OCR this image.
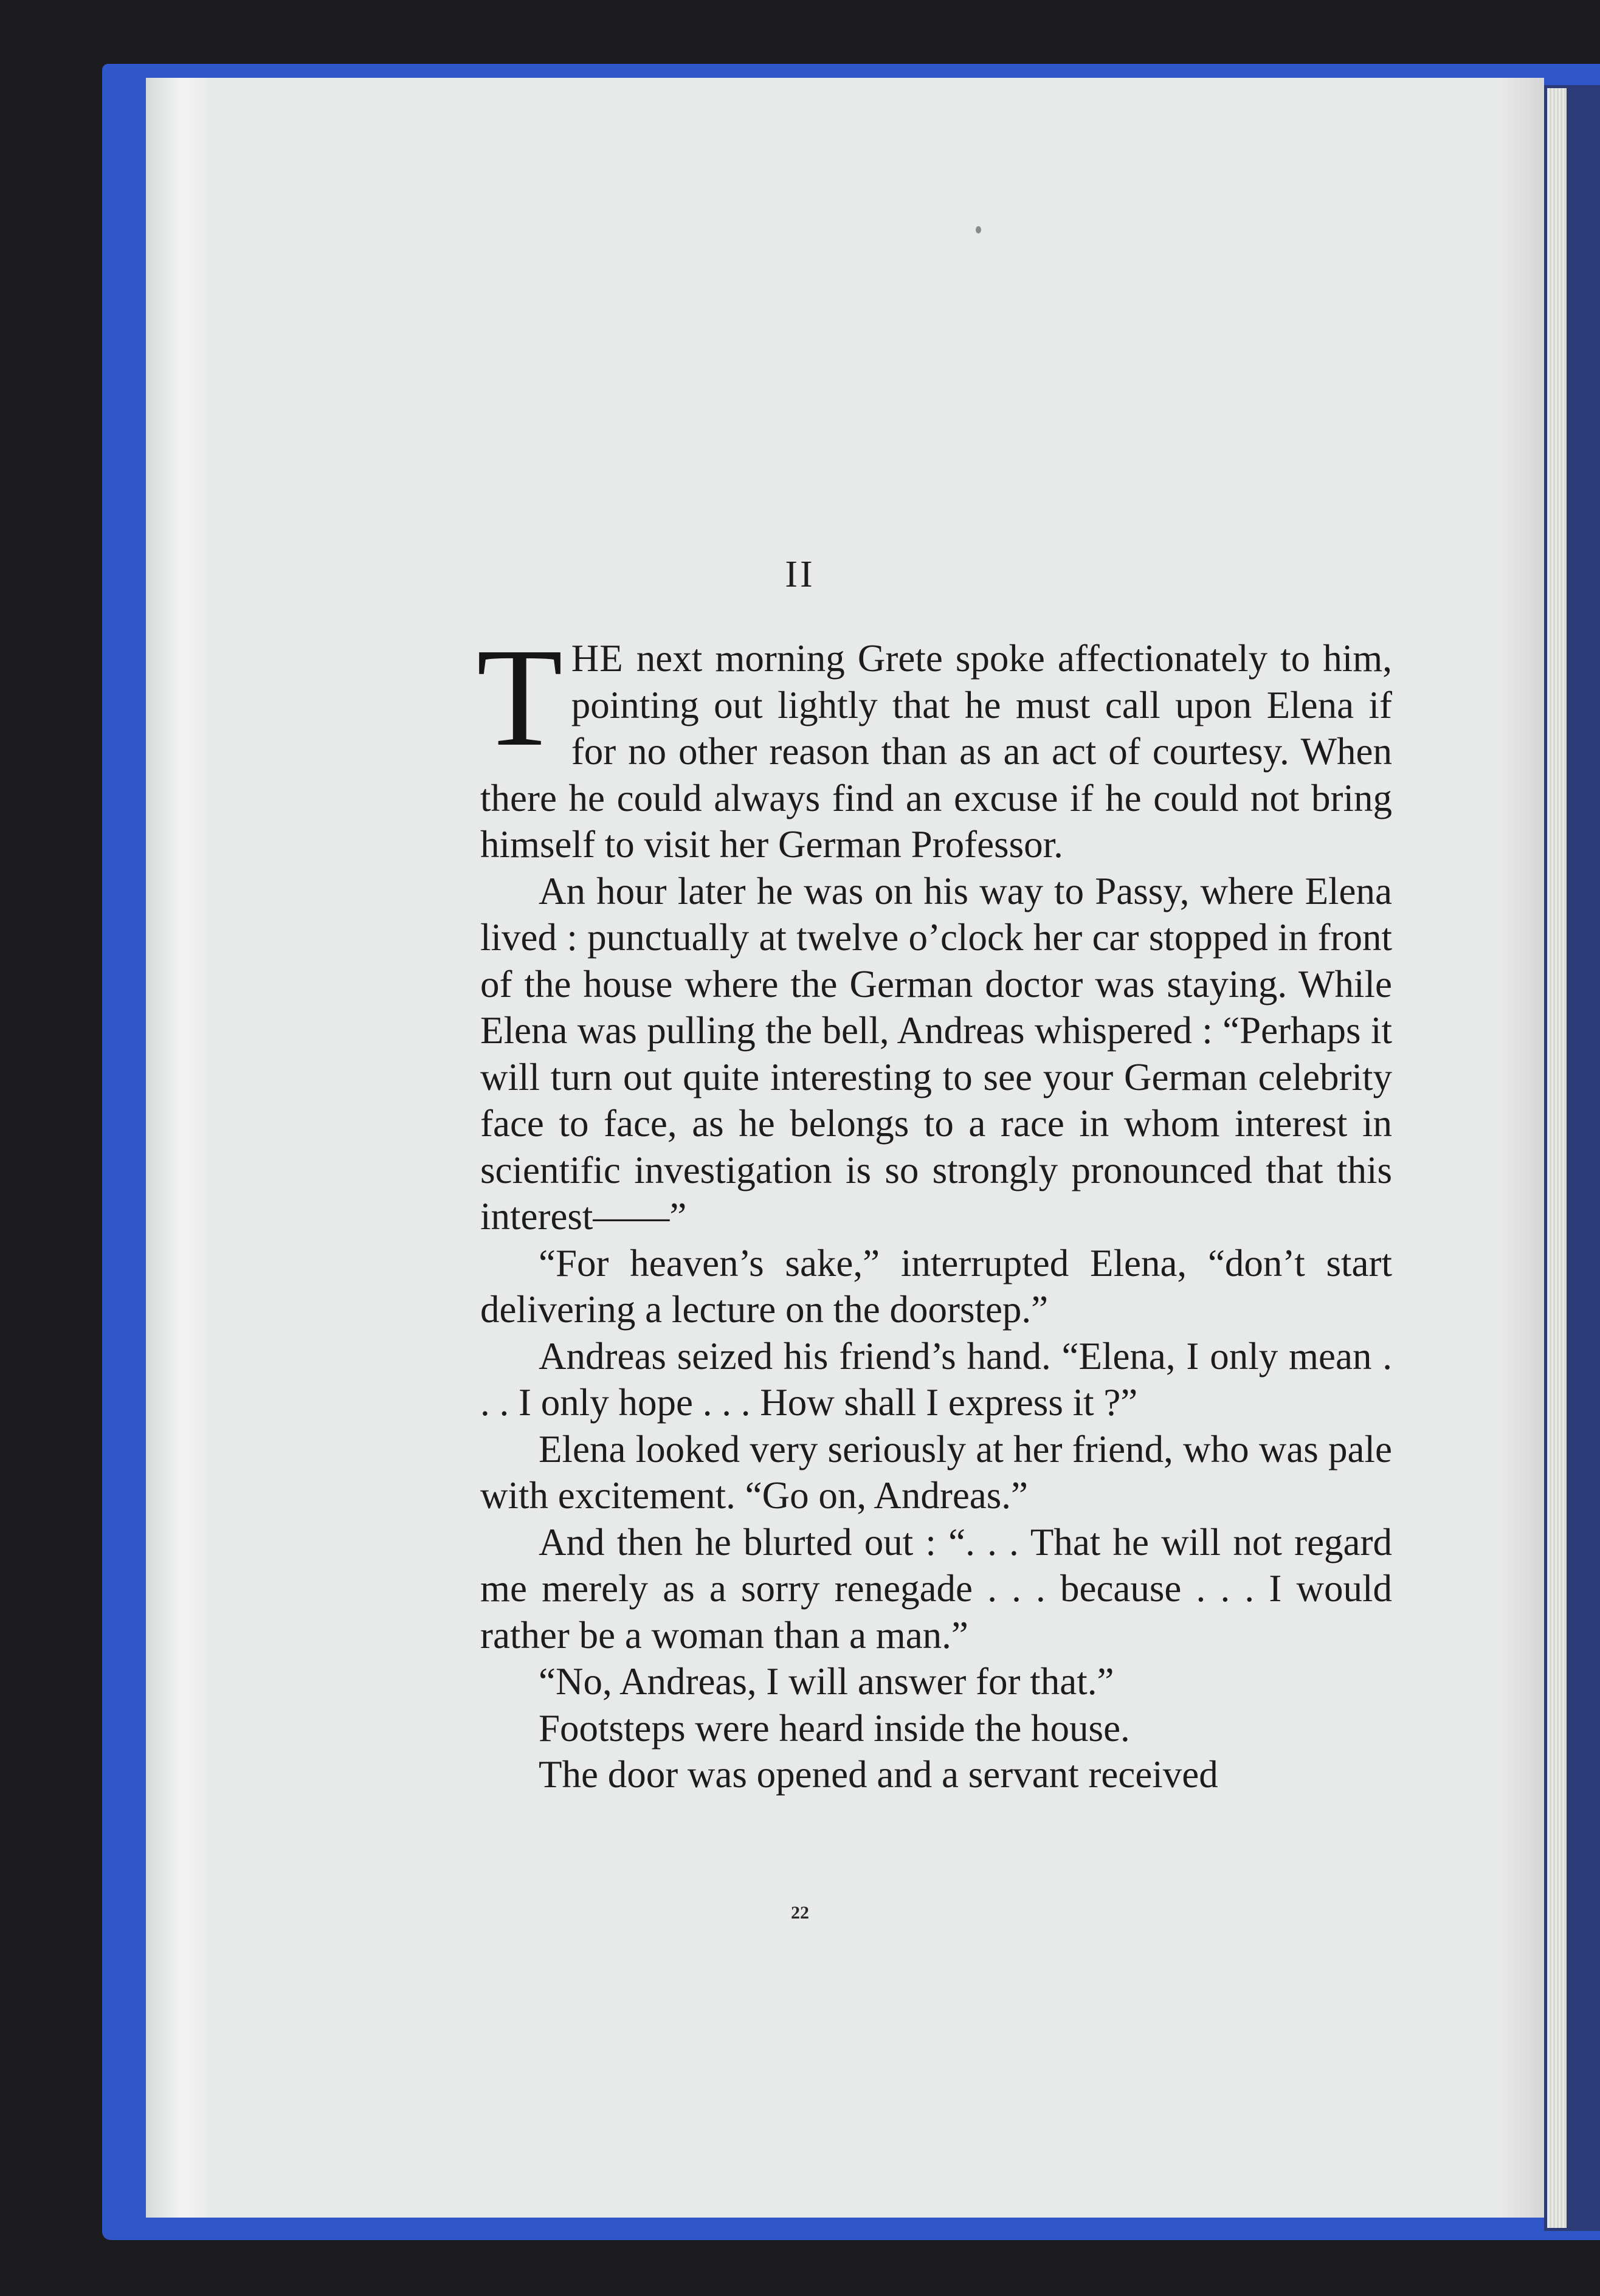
II

THE next morning Grete spoke affectionately to him, pointing out lightly that he must call upon Elena if for no other reason than as an act of courtesy. When there he could always find an excuse if he could not bring himself to visit her German Professor.

An hour later he was on his way to Passy, where Elena lived : punctually at twelve o’clock her car stopped in front of the house where the German doctor was staying. While Elena was pulling the bell, Andreas whispered : “Perhaps it will turn out quite interesting to see your German celebrity face to face, as he belongs to a race in whom interest in scientific investigation is so strongly pronounced that this interest——”

“For heaven’s sake,” interrupted Elena, “don’t start delivering a lecture on the doorstep.”

Andreas seized his friend’s hand. “Elena, I only mean . . . I only hope . . . How shall I express it ?”

Elena looked very seriously at her friend, who was pale with excitement. “Go on, Andreas.”

And then he blurted out : “. . . That he will not regard me merely as a sorry renegade . . . because . . . I would rather be a woman than a man.”

“No, Andreas, I will answer for that.”

Footsteps were heard inside the house.

The door was opened and a servant received

22
